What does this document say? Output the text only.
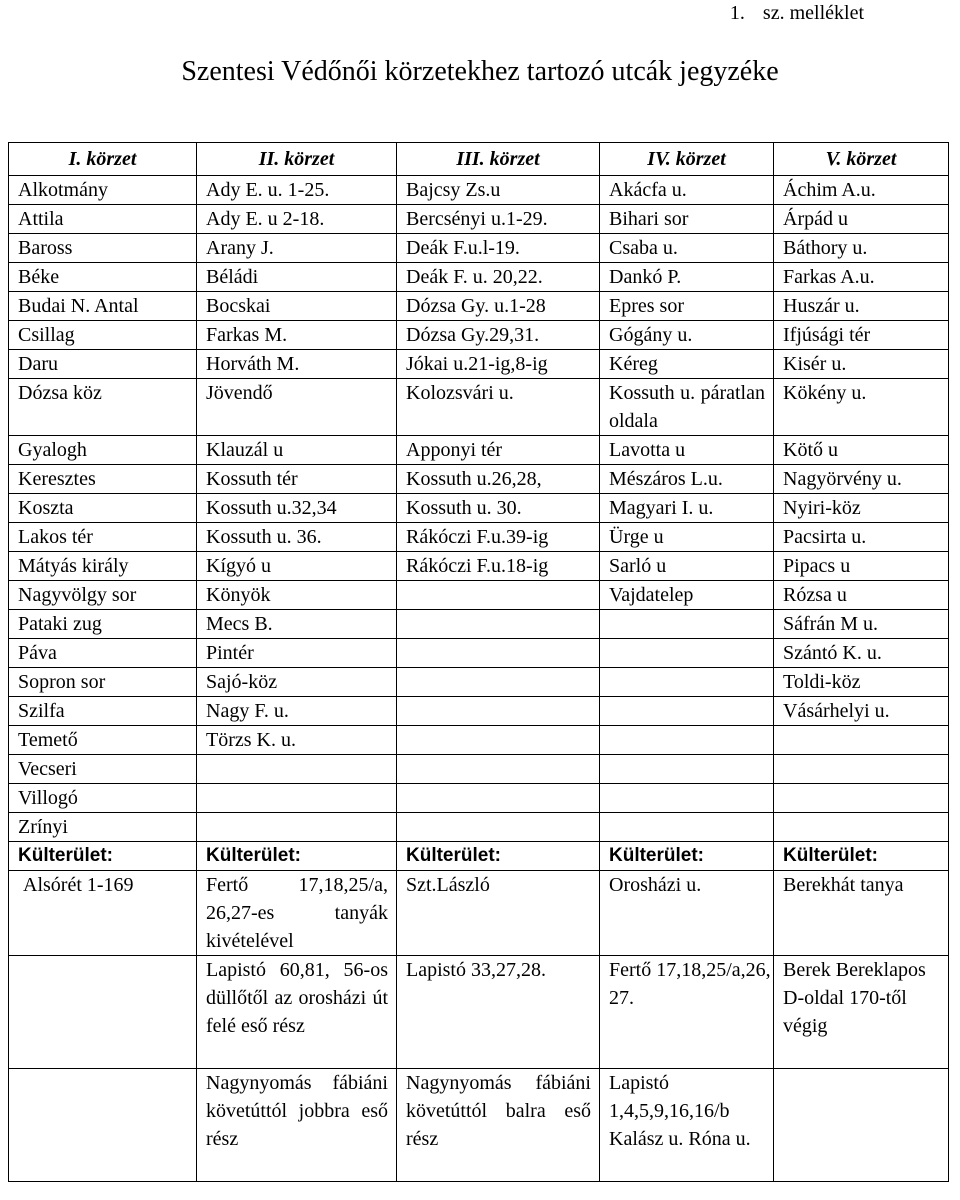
1. sz. melléklet
Szentesi Védőnői körzetekhez tartozó utcák jegyzéke
I. körzet	II. körzet	III. körzet	IV. körzet	V. körzet
Alkotmány	Ady E. u. 1-25.	Bajcsy Zs.u	Akácfa u.	Áchim A.u.
Attila	Ady E. u 2-18.	Bercsényi u.1-29.	Bihari sor	Árpád u
Baross	Arany J.	Deák F.u.l-19.	Csaba u.	Báthory u.
Béke	Béládi	Deák F. u. 20,22.	Dankó P.	Farkas A.u.
Budai N. Antal	Bocskai	Dózsa Gy. u.1-28	Epres sor	Huszár u.
Csillag	Farkas M.	Dózsa Gy.29,31.	Gógány u.	Ifjúsági tér
Daru	Horváth M.	Jókai u.21-ig,8-ig	Kéreg	Kisér u.
Dózsa köz	Jövendő	Kolozsvári u.	Kossuth u. páratlan oldala	Kökény u.
Gyalogh	Klauzál u	Apponyi tér	Lavotta u	Kötő u
Keresztes	Kossuth tér	Kossuth u.26,28,	Mészáros L.u.	Nagyörvény u.
Koszta	Kossuth u.32,34	Kossuth u. 30.	Magyari I. u.	Nyiri-köz
Lakos tér	Kossuth u. 36.	Rákóczi F.u.39-ig	Ürge u	Pacsirta u.
Mátyás király	Kígyó u	Rákóczi F.u.18-ig	Sarló u	Pipacs u
Nagyvölgy sor	Könyök		Vajdatelep	Rózsa u
Pataki zug	Mecs B.			Sáfrán M u.
Páva	Pintér			Szántó K. u.
Sopron sor	Sajó-köz			Toldi-köz
Szilfa	Nagy F. u.			Vásárhelyi u.
Temető	Törzs K. u.			
Vecseri				
Villogó				
Zrínyi				
Külterület:	Külterület:	Külterület:	Külterület:	Külterület:
Alsórét 1-169	Fertő 17,18,25/a, 26,27-es tanyák kivételével	Szt.László	Orosházi u.	Berekhát tanya
	Lapistó 60,81, 56-os düllőtől az orosházi út felé eső rész	Lapistó 33,27,28.	Fertő 17,18,25/a,26, 27.	Berek Bereklapos D-oldal 170-től végig
	Nagynyomás fábiáni követúttól jobbra eső rész	Nagynyomás fábiáni követúttól balra eső rész	Lapistó 1,4,5,9,16,16/b Kalász u. Róna u.	
